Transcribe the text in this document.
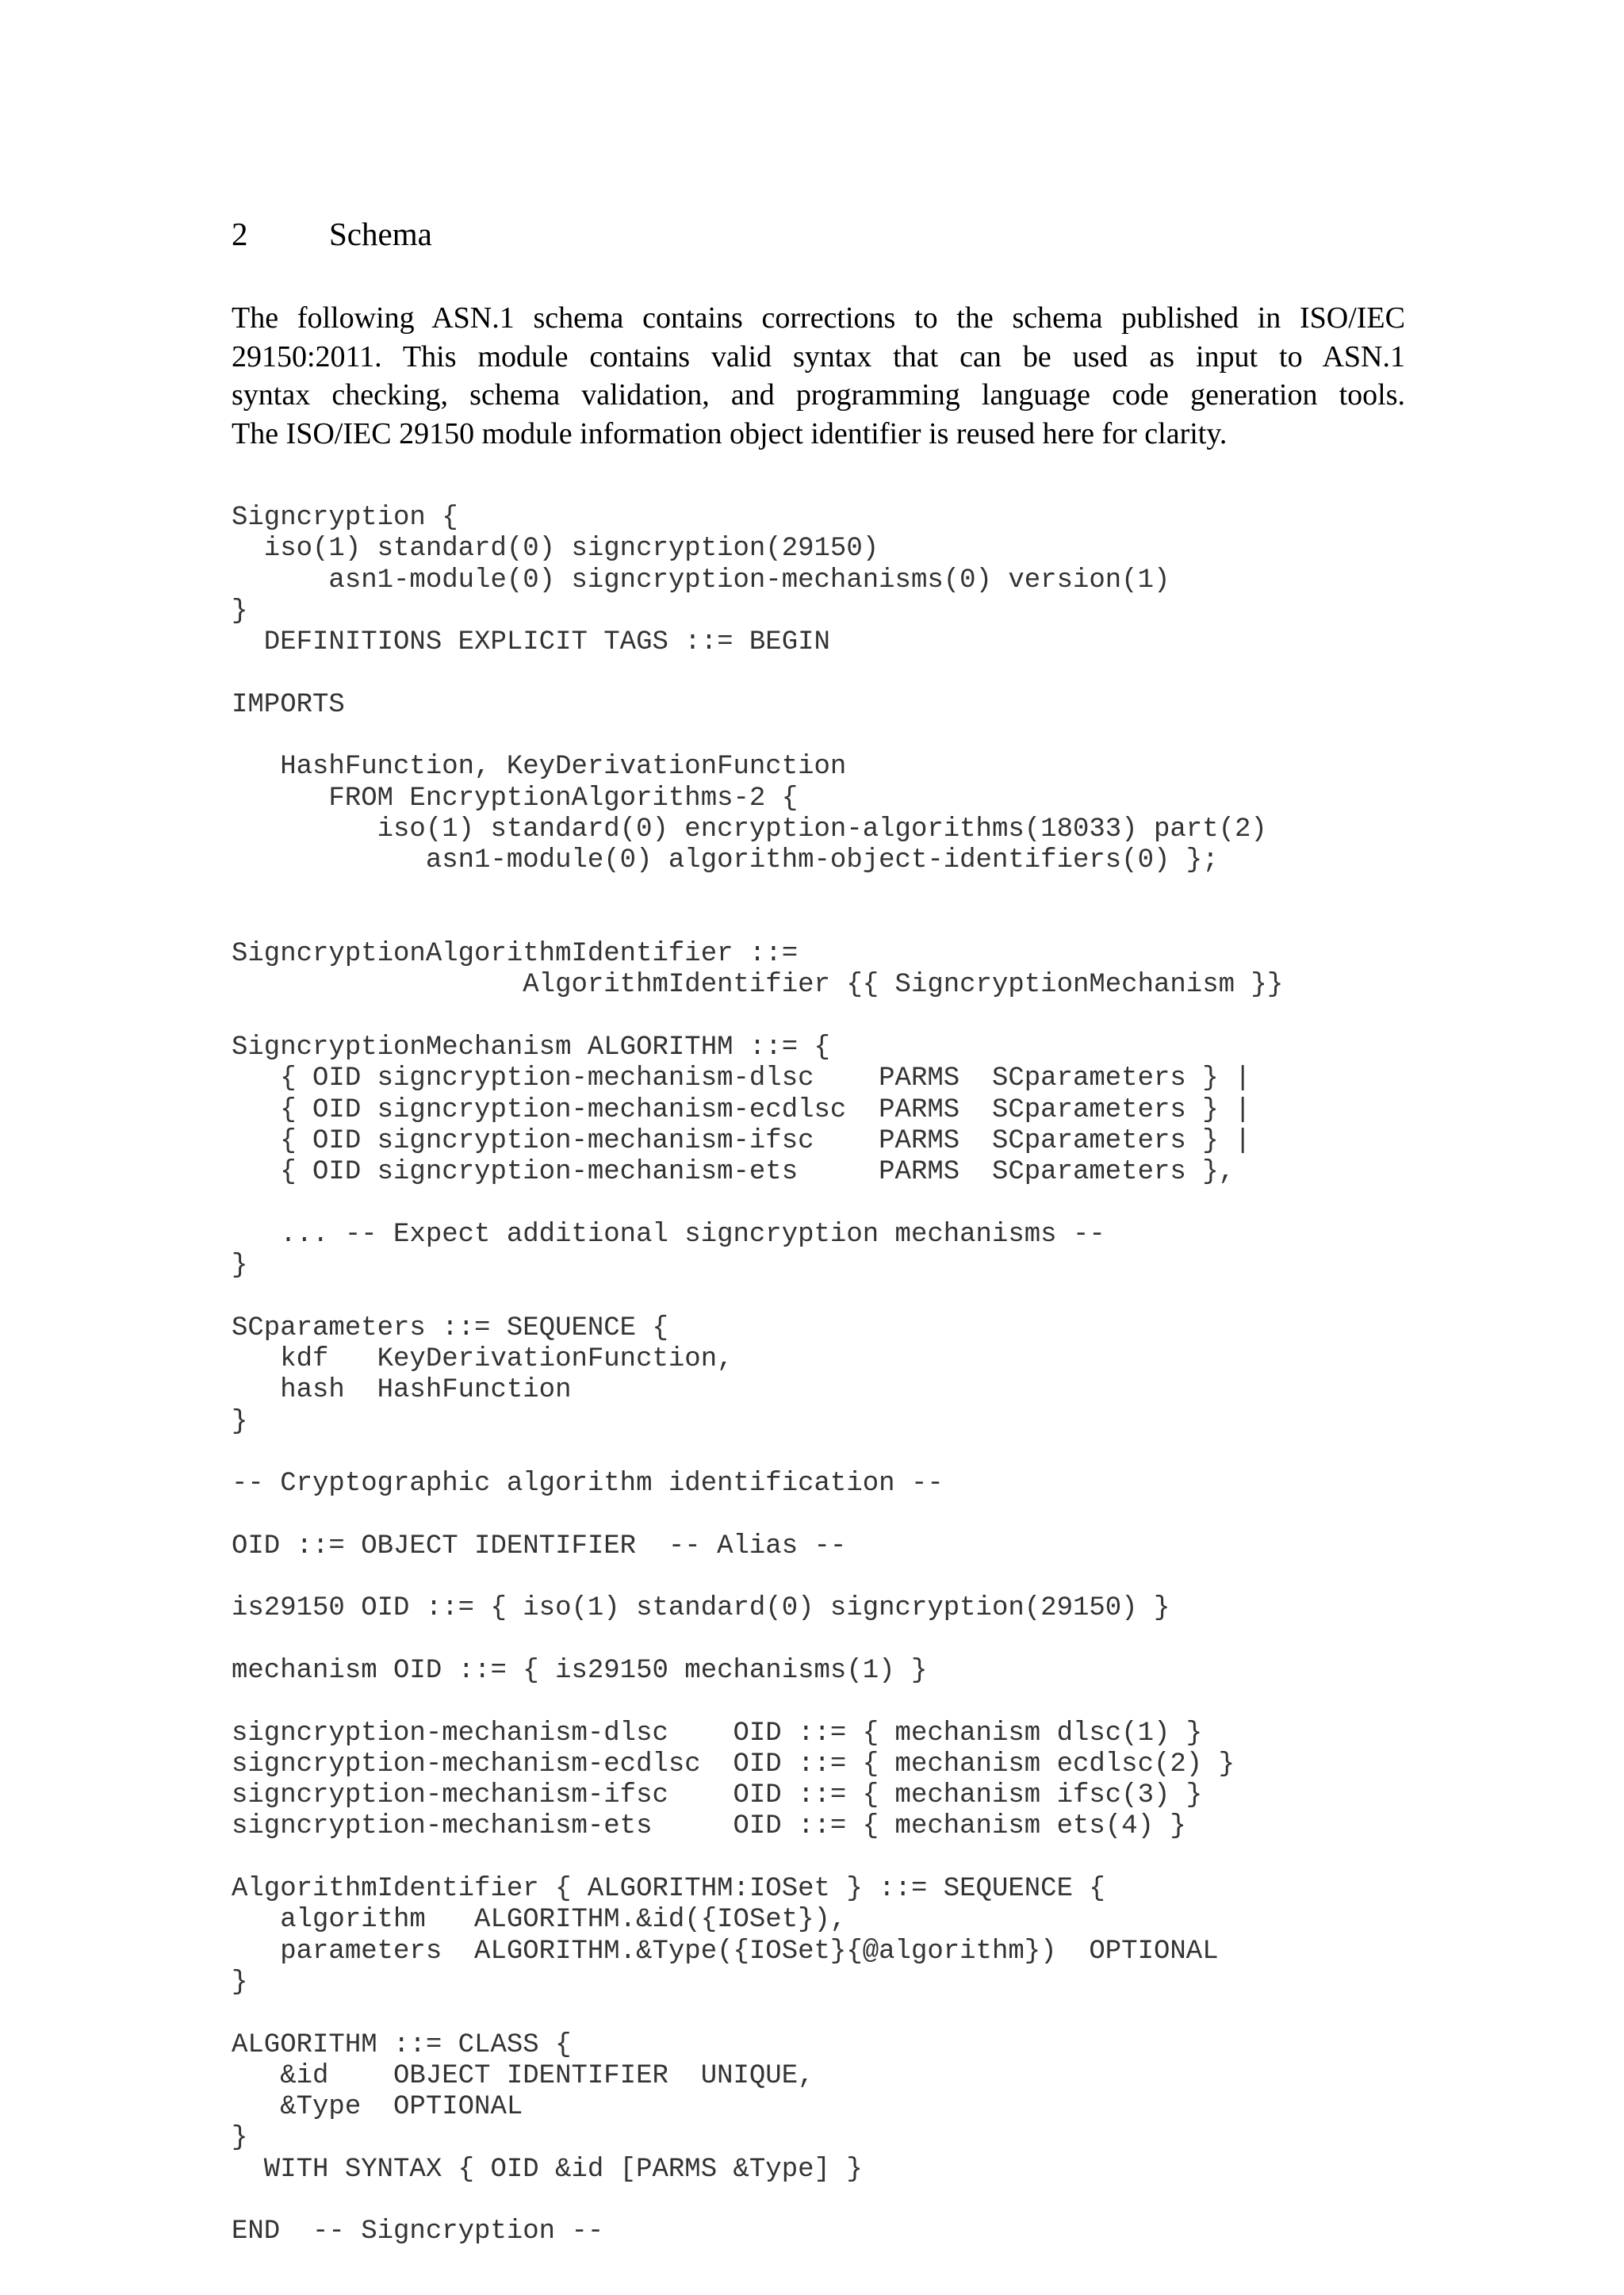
2	Schema
The following ASN.1 schema contains corrections to the schema published in ISO/IEC
29150:2011. This module contains valid syntax that can be used as input to ASN.1
syntax checking, schema validation, and programming language code generation tools.
The ISO/IEC 29150 module information object identifier is reused here for clarity.
Signcryption {
iso(1) standard(0) signcryption(29150)
asn1-module(0) signcryption-mechanisms(0) version(1)
}
DEFINITIONS EXPLICIT TAGS ::= BEGIN
IMPORTS
HashFunction, KeyDerivationFunction
FROM EncryptionAlgorithms-2 {
iso(1) standard(0) encryption-algorithms(18033) part(2)
asn1-module(0) algorithm-object-identifiers(0) };
SigncryptionAlgorithmIdentifier ::=
AlgorithmIdentifier {{ SigncryptionMechanism }}
SigncryptionMechanism ALGORITHM ::= {
{ OID signcryption-mechanism-dlsc    PARMS  SCparameters } |
{ OID signcryption-mechanism-ecdlsc  PARMS  SCparameters } |
{ OID signcryption-mechanism-ifsc    PARMS  SCparameters } |
{ OID signcryption-mechanism-ets     PARMS  SCparameters },
... -- Expect additional signcryption mechanisms --
}
SCparameters ::= SEQUENCE {
kdf   KeyDerivationFunction,
hash  HashFunction
}
-- Cryptographic algorithm identification --
OID ::= OBJECT IDENTIFIER  -- Alias --
is29150 OID ::= { iso(1) standard(0) signcryption(29150) }
mechanism OID ::= { is29150 mechanisms(1) }
signcryption-mechanism-dlsc    OID ::= { mechanism dlsc(1) }
signcryption-mechanism-ecdlsc  OID ::= { mechanism ecdlsc(2) }
signcryption-mechanism-ifsc    OID ::= { mechanism ifsc(3) }
signcryption-mechanism-ets     OID ::= { mechanism ets(4) }
AlgorithmIdentifier { ALGORITHM:IOSet } ::= SEQUENCE {
algorithm   ALGORITHM.&id({IOSet}),
parameters  ALGORITHM.&Type({IOSet}{@algorithm})  OPTIONAL
}
ALGORITHM ::= CLASS {
&id    OBJECT IDENTIFIER  UNIQUE,
&Type  OPTIONAL
}
WITH SYNTAX { OID &id [PARMS &Type] }
END  -- Signcryption --
